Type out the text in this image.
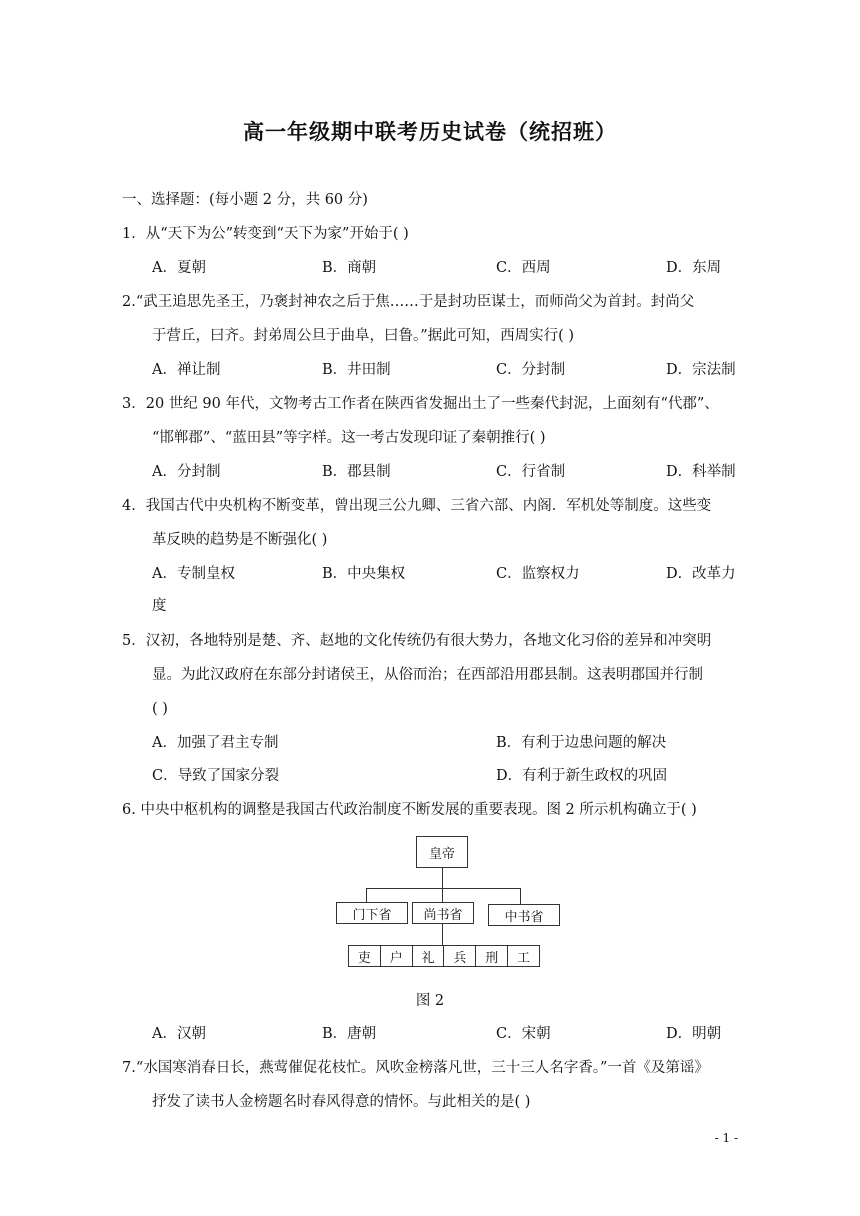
高一年级期中联考历史试卷（统招班）
一、选择题：(每小题 2 分，共 60 分)
1．从“天下为公”转变到“天下为家”开始于( )
A．夏朝	B．商朝	C．西周	D．东周
2.“武王追思先圣王，乃褒封神农之后于焦……于是封功臣谋士，而师尚父为首封。封尚父
于营丘，曰齐。封弟周公旦于曲阜，曰鲁。”据此可知，西周实行( )
A．禅让制	B．井田制	C．分封制	D．宗法制
3．20 世纪 90 年代，文物考古工作者在陕西省发掘出土了一些秦代封泥，上面刻有“代郡”、
“邯郸郡”、“蓝田县”等字样。这一考古发现印证了秦朝推行( )
A．分封制	B．郡县制	C．行省制	D．科举制
4．我国古代中央机构不断变革，曾出现三公九卿、三省六部、内阁．军机处等制度。这些变
革反映的趋势是不断强化( )
A．专制皇权	B．中央集权	C．监察权力	D．改革力
度
5．汉初，各地特别是楚、齐、赵地的文化传统仍有很大势力，各地文化习俗的差异和冲突明
显。为此汉政府在东部分封诸侯王，从俗而治；在西部沿用郡县制。这表明郡国并行制
( )
A．加强了君主专制	B．有利于边患问题的解决
C．导致了国家分裂	D．有利于新生政权的巩固
6. 中央中枢机构的调整是我国古代政治制度不断发展的重要表现。图 2 所示机构确立于( )
皇帝
门下省	尚书省	中书省
吏	户	礼	兵	刑	工
图 2
A．汉朝	B．唐朝	C．宋朝	D．明朝
7.“水国寒消春日长，燕莺催促花枝忙。风吹金榜落凡世，三十三人名字香。”一首《及第谣》
抒发了读书人金榜题名时春风得意的情怀。与此相关的是( )
- 1 -
